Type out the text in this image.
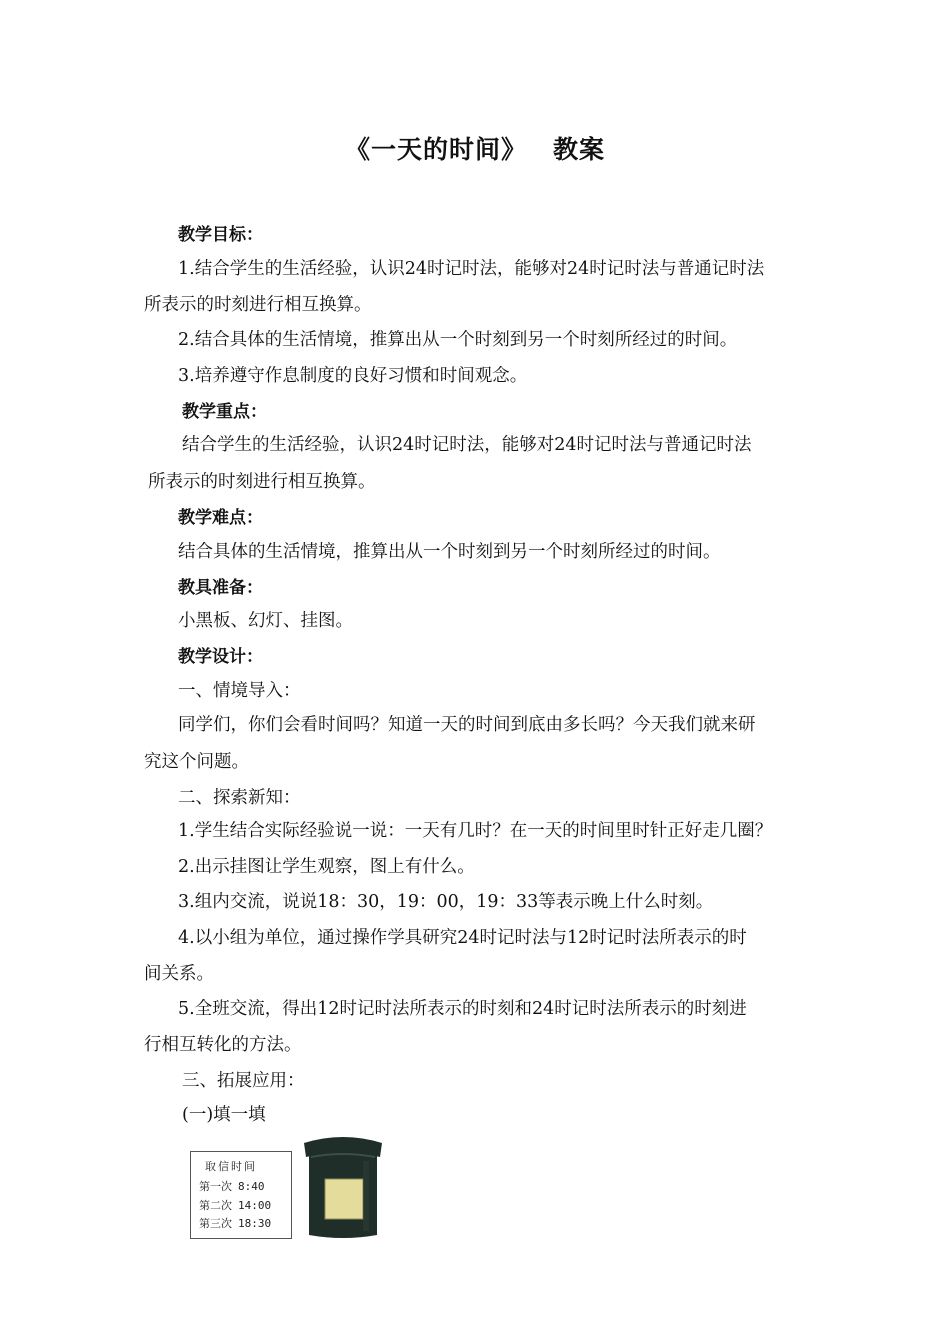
《一天的时间》 教案
教学目标：
1.结合学生的生活经验，认识24时记时法，能够对24时记时法与普通记时法
所表示的时刻进行相互换算。
2.结合具体的生活情境，推算出从一个时刻到另一个时刻所经过的时间。
3.培养遵守作息制度的良好习惯和时间观念。
教学重点：
结合学生的生活经验，认识24时记时法，能够对24时记时法与普通记时法
所表示的时刻进行相互换算。
教学难点：
结合具体的生活情境，推算出从一个时刻到另一个时刻所经过的时间。
教具准备：
小黑板、幻灯、挂图。
教学设计：
一、情境导入：
同学们，你们会看时间吗？知道一天的时间到底由多长吗？今天我们就来研
究这个问题。
二、探索新知：
1.学生结合实际经验说一说：一天有几时？在一天的时间里时针正好走几圈？
2.出示挂图让学生观察，图上有什么。
3.组内交流，说说18：30，19：00，19：33等表示晚上什么时刻。
4.以小组为单位，通过操作学具研究24时记时法与12时记时法所表示的时
间关系。
5.全班交流，得出12时记时法所表示的时刻和24时记时法所表示的时刻进
行相互转化的方法。
三、拓展应用：
(一)填一填
取信时间
第一次 8:40
第二次 14:00
第三次 18:30
